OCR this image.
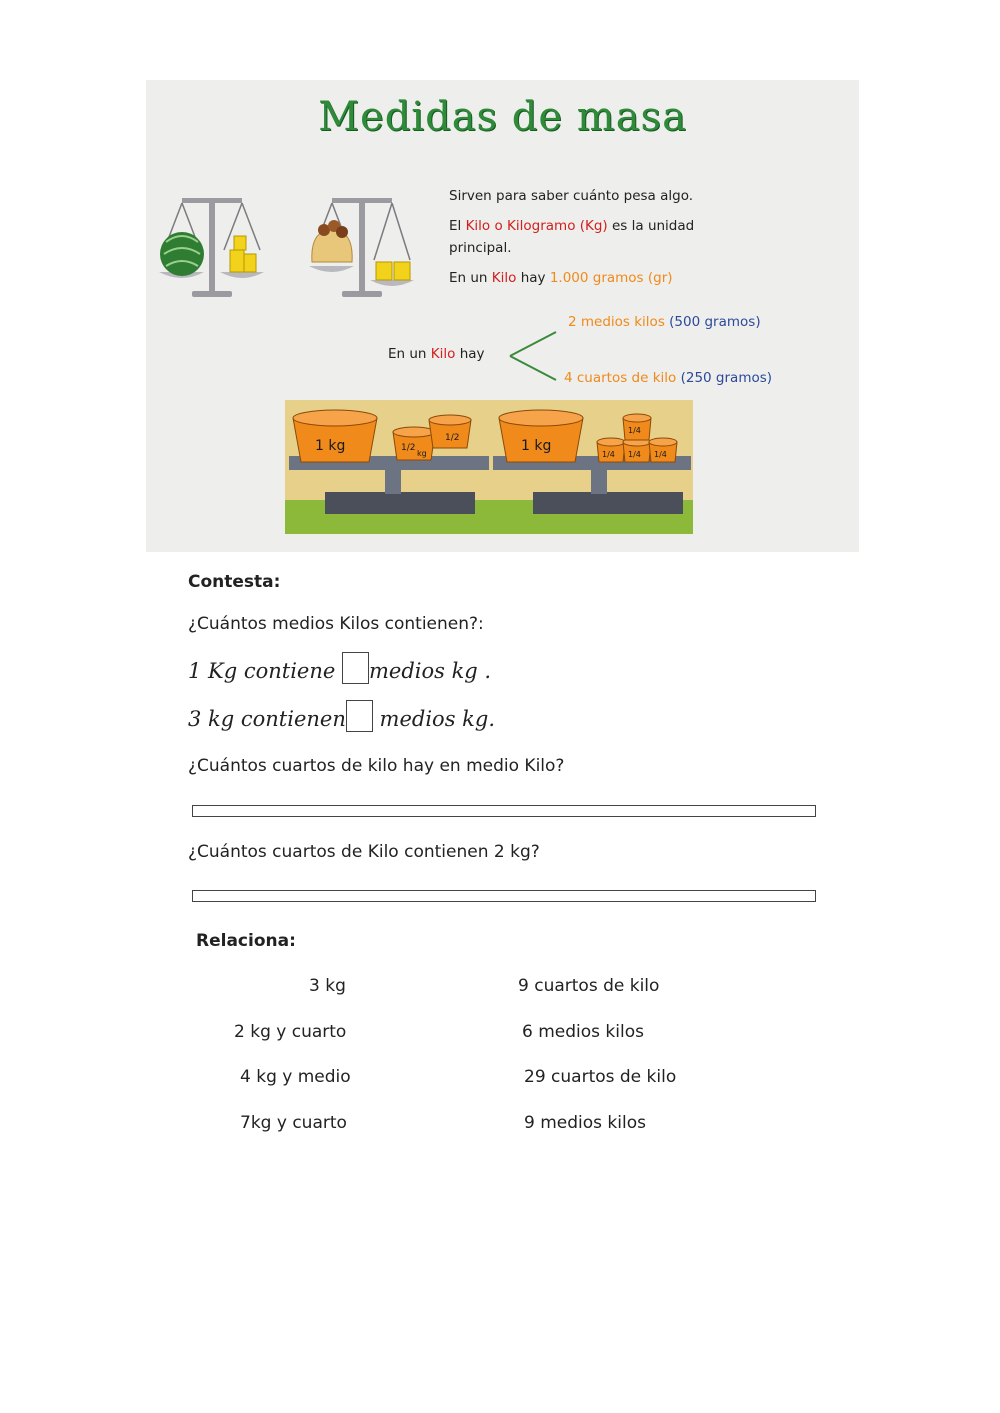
Medidas de masa
Sirven para saber cuánto pesa algo.
El Kilo o Kilogramo (Kg) es la unidad
principal.
En un Kilo hay 1.000 gramos (gr)
En un Kilo hay
2 medios kilos (500 gramos)
4 cuartos de kilo (250 gramos)
1 kg	1 kg
1/2
kg
1/2
1/4 1/4 1/4
1/4
Contesta:
¿Cuántos medios Kilos contienen?:
1 Kg contiene medios kg .
3 kg contienen medios kg.
¿Cuántos cuartos de kilo hay en medio Kilo?
¿Cuántos cuartos de Kilo contienen 2 kg?
Relaciona:
3 kg
2 kg y cuarto
4 kg y medio
7kg y cuarto
9 cuartos de kilo
6 medios kilos
29 cuartos de kilo
9 medios kilos
